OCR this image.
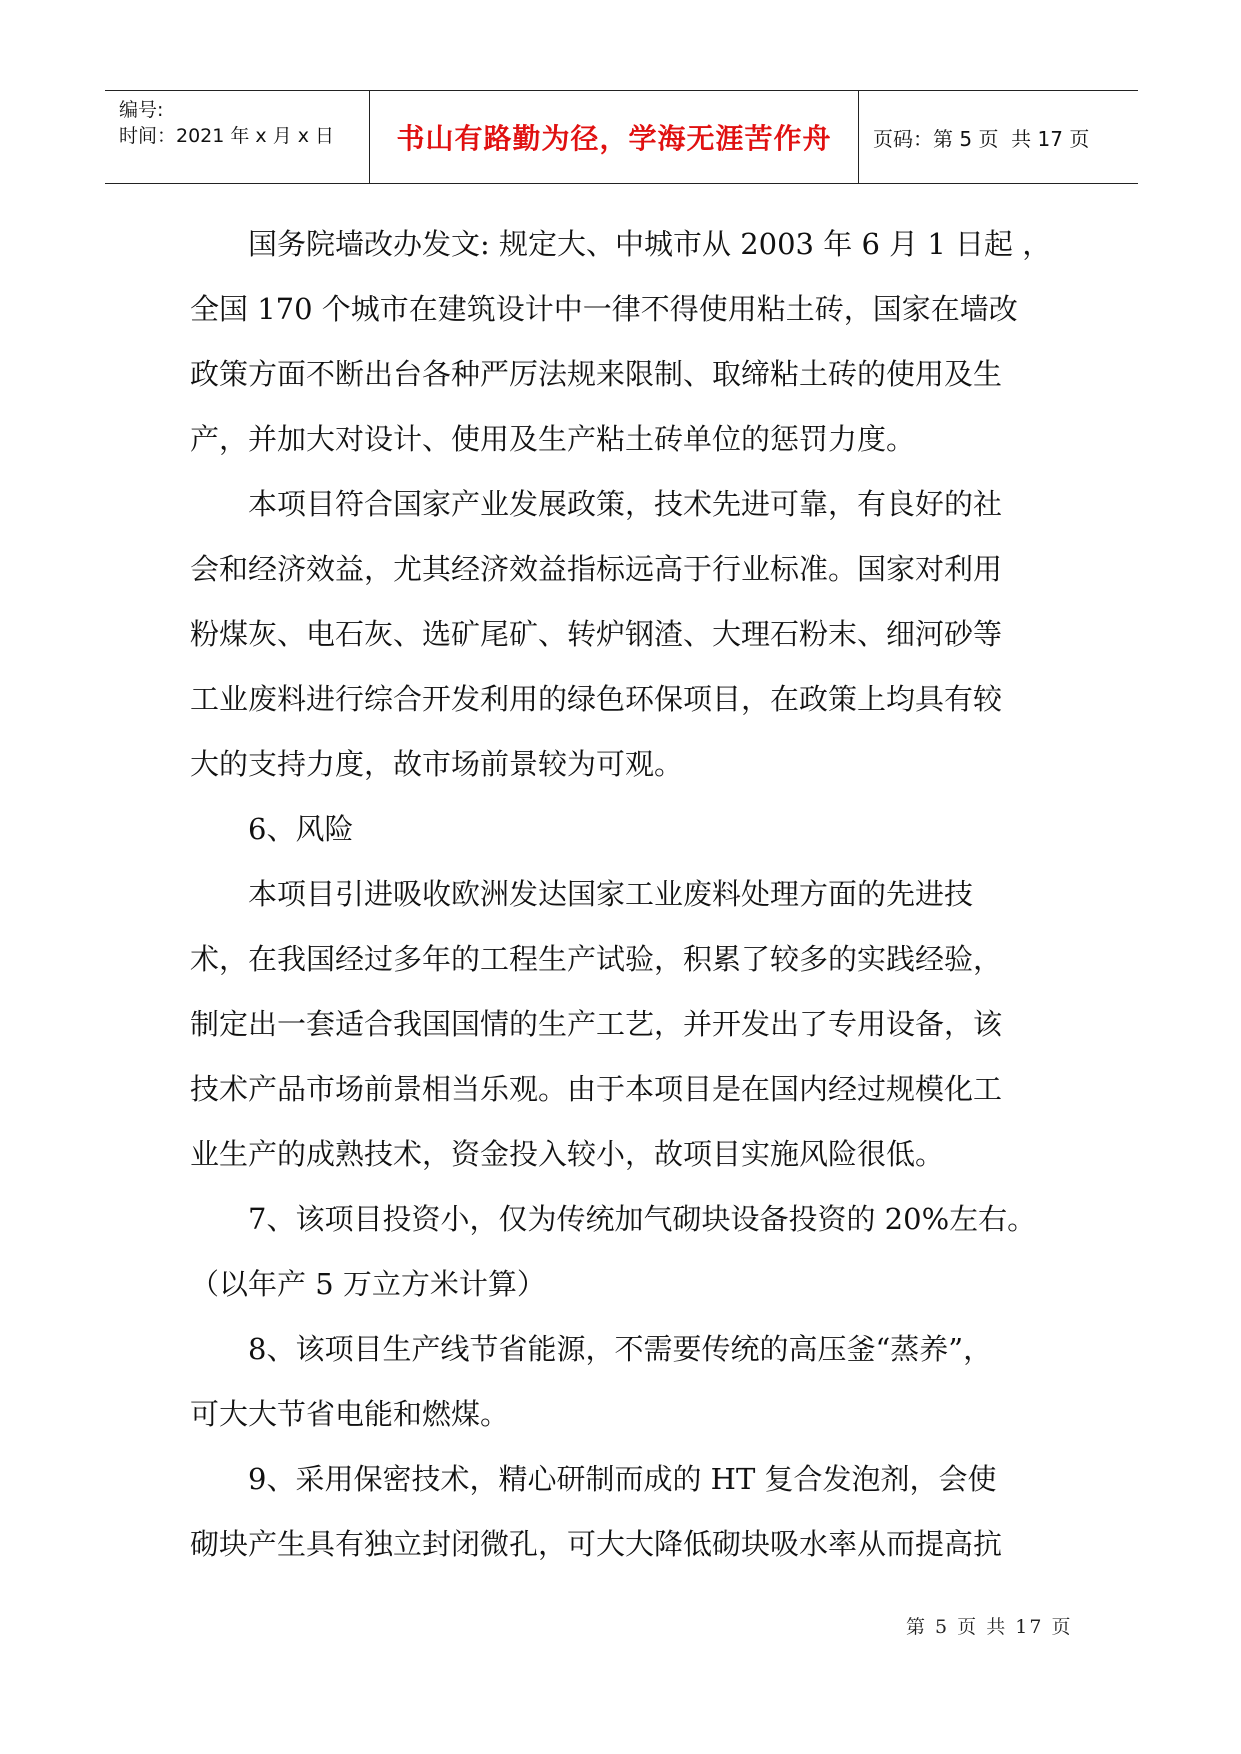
编号:
时间：2021 年 x 月 x 日	书山有路勤为径，学海无涯苦作舟	页码：第 5 页  共 17 页

　　国务院墙改办发文: 规定大、中城市从 2003 年 6 月 1 日起 ，

全国 170 个城市在建筑设计中一律不得使用粘土砖，国家在墙改

政策方面不断出台各种严厉法规来限制、取缔粘土砖的使用及生

产，并加大对设计、使用及生产粘土砖单位的惩罚力度。

　　本项目符合国家产业发展政策，技术先进可靠，有良好的社

会和经济效益，尤其经济效益指标远高于行业标准。国家对利用

粉煤灰、电石灰、选矿尾矿、转炉钢渣、大理石粉末、细河砂等

工业废料进行综合开发利用的绿色环保项目，在政策上均具有较

大的支持力度，故市场前景较为可观。

　　6、风险

　　本项目引进吸收欧洲发达国家工业废料处理方面的先进技

术，在我国经过多年的工程生产试验，积累了较多的实践经验，

制定出一套适合我国国情的生产工艺，并开发出了专用设备，该

技术产品市场前景相当乐观。由于本项目是在国内经过规模化工

业生产的成熟技术，资金投入较小，故项目实施风险很低。

　　7、该项目投资小，仅为传统加气砌块设备投资的 20%左右。

（以年产 5 万立方米计算）

　　8、该项目生产线节省能源，不需要传统的高压釜“蒸养”，

可大大节省电能和燃煤。

　　9、采用保密技术，精心研制而成的 HT 复合发泡剂，会使

砌块产生具有独立封闭微孔，可大大降低砌块吸水率从而提高抗

第 5 页 共 17 页
